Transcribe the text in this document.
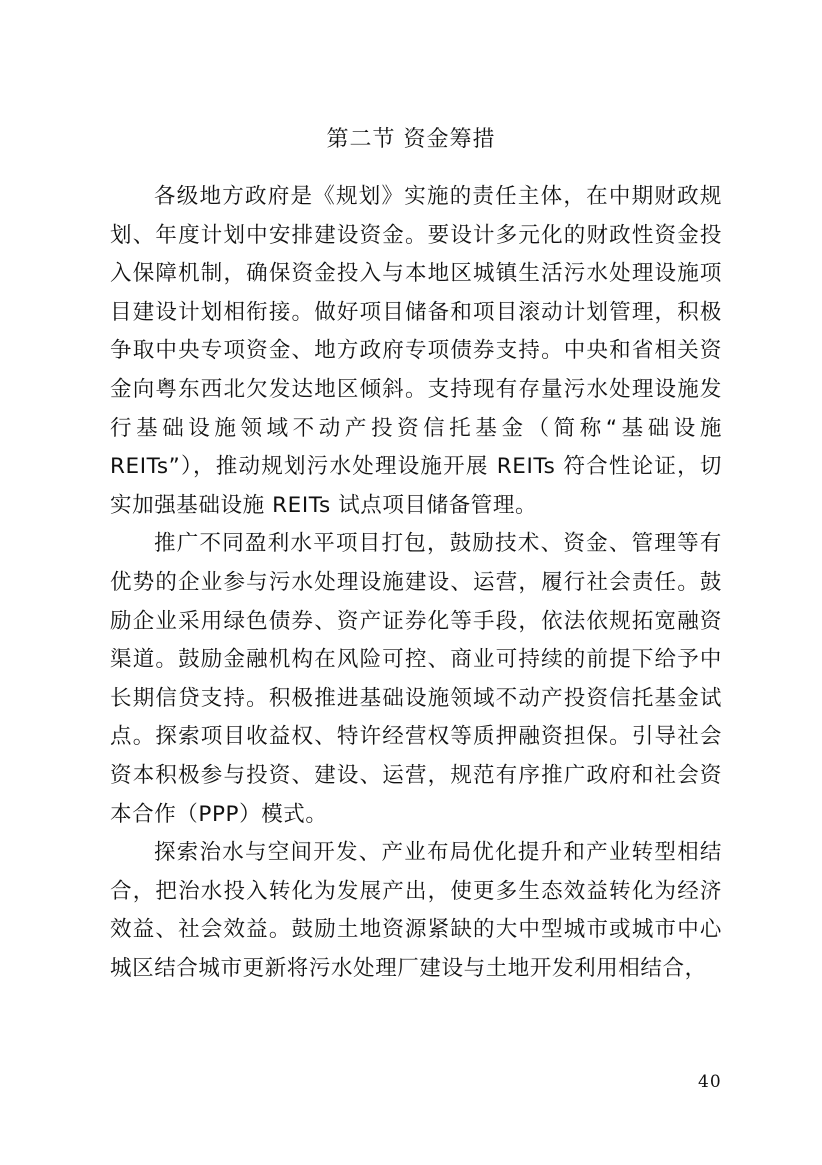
第二节 资金筹措

各级地方政府是《规划》实施的责任主体，在中期财政规划、年度计划中安排建设资金。要设计多元化的财政性资金投入保障机制，确保资金投入与本地区城镇生活污水处理设施项目建设计划相衔接。做好项目储备和项目滚动计划管理，积极争取中央专项资金、地方政府专项债券支持。中央和省相关资金向粤东西北欠发达地区倾斜。支持现有存量污水处理设施发行基础设施领域不动产投资信托基金（简称“基础设施 REITs”），推动规划污水处理设施开展 REITs 符合性论证，切实加强基础设施 REITs 试点项目储备管理。

推广不同盈利水平项目打包，鼓励技术、资金、管理等有优势的企业参与污水处理设施建设、运营，履行社会责任。鼓励企业采用绿色债券、资产证券化等手段，依法依规拓宽融资渠道。鼓励金融机构在风险可控、商业可持续的前提下给予中长期信贷支持。积极推进基础设施领域不动产投资信托基金试点。探索项目收益权、特许经营权等质押融资担保。引导社会资本积极参与投资、建设、运营，规范有序推广政府和社会资本合作（PPP）模式。

探索治水与空间开发、产业布局优化提升和产业转型相结合，把治水投入转化为发展产出，使更多生态效益转化为经济效益、社会效益。鼓励土地资源紧缺的大中型城市或城市中心城区结合城市更新将污水处理厂建设与土地开发利用相结合，

40
